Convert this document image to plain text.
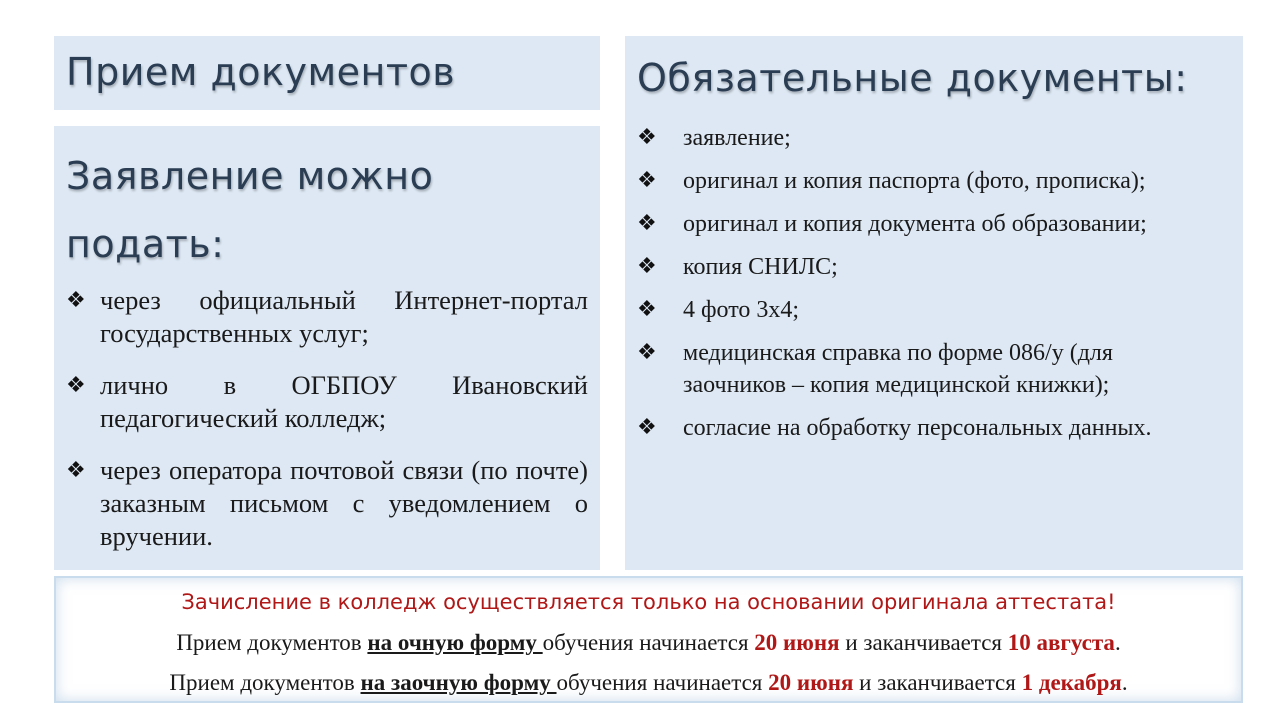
Прием документов
Заявление можно подать:
❖ через официальный Интернет-портал государственных услуг;
❖ лично в ОГБПОУ Ивановский педагогический колледж;
❖ через оператора почтовой связи (по почте) заказным письмом с уведомлением о вручении.
Обязательные документы:
❖ заявление;
❖ оригинал и копия паспорта (фото, прописка);
❖ оригинал и копия документа об образовании;
❖ копия СНИЛС;
❖ 4 фото 3х4;
❖ медицинская справка по форме 086/у (для заочников – копия медицинской книжки);
❖ согласие на обработку персональных данных.
Зачисление в колледж осуществляется только на основании оригинала аттестата!
Прием документов на очную форму обучения начинается 20 июня и заканчивается 10 августа.
Прием документов на заочную форму обучения начинается 20 июня и заканчивается 1 декабря.
